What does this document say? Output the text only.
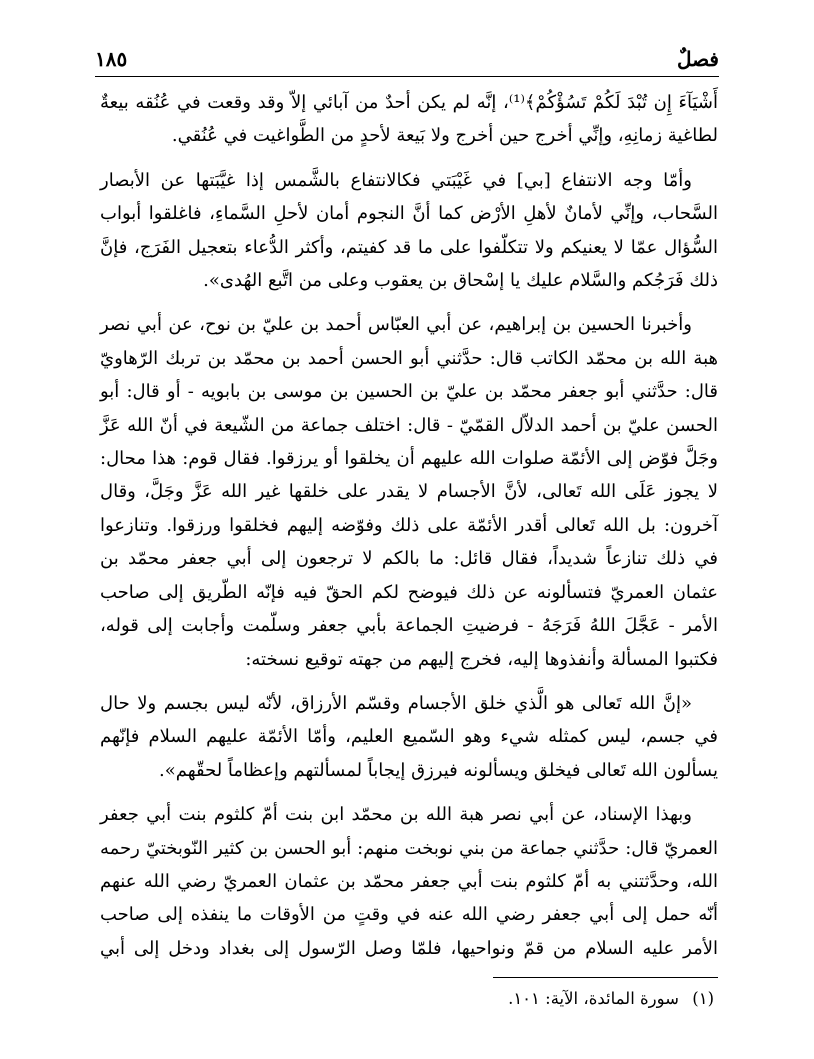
فصلٌ
١٨٥

أَشْيَآءَ إِن تُبْدَ لَكُمْ تَسُؤْكُمْ﴾⁽¹⁾، إنَّه لم يكن أحدٌ من آبائي إلاّ وقد وقعت في عُنُقه بيعةٌ لطاغية زمانِهِ، وإنِّي أخرج حين أخرج ولا بَيعة لأحدٍ من الطَّواغيت في عُنُقي.

وأمّا وجه الانتفاع [بي] في غَيْبَتي فكالانتفاع بالشَّمس إذا غيَّبَتها عن الأبصار السَّحاب، وإنِّي لأمانٌ لأهلِ الأرْض كما أنَّ النجوم أمان لأحلِ السَّماءِ، فاغلقوا أبواب السُّؤال عمّا لا يعنيكم ولا تتكلّفوا على ما قد كفيتم، وأكثر الدُّعاء بتعجيل الفَرَج، فإنَّ ذلك فَرَجُكم والسَّلام عليك يا إسْحاق بن يعقوب وعلى من اتَّبع الهُدى».

وأخبرنا الحسين بن إبراهيم، عن أبي العبّاس أحمد بن عليّ بن نوح، عن أبي نصر هبة الله بن محمّد الكاتب قال: حدَّثني أبو الحسن أحمد بن محمّد بن تربك الرّهاويّ قال: حدَّثني أبو جعفر محمّد بن عليّ بن الحسين بن موسى بن بابويه - أو قال: أبو الحسن عليّ بن أحمد الدلاّل القمّيّ - قال: اختلف جماعة من الشّيعة في أنّ الله عَزَّ وجَلَّ فوّض إلى الأئمّة صلوات الله عليهم أن يخلقوا أو يرزقوا. فقال قوم: هذا محال: لا يجوز عَلَى الله تَعالى، لأنَّ الأجسام لا يقدر على خلقها غير الله عَزَّ وجَلَّ، وقال آخرون: بل الله تَعالى أقدر الأئمّة على ذلك وفوّضه إليهم فخلقوا ورزقوا. وتنازعوا في ذلك تنازعاً شديداً، فقال قائل: ما بالكم لا ترجعون إلى أبي جعفر محمّد بن عثمان العمريّ فتسألونه عن ذلك فيوضح لكم الحقّ فيه فإنّه الطّريق إلى صاحب الأمر - عَجَّلَ اللهُ فَرَجَهُ - فرضيتِ الجماعة بأبي جعفر وسلّمت وأجابت إلى قوله، فكتبوا المسألة وأنفذوها إليه، فخرج إليهم من جهته توقيع نسخته:

«إنَّ الله تَعالى هو الَّذي خلق الأجسام وقسّم الأرزاق، لأنّه ليس بجسم ولا حال في جسم، ليس كمثله شيء وهو السّميع العليم، وأمّا الأئمّة عليهم السلام فإنّهم يسألون الله تَعالى فيخلق ويسألونه فيرزق إيجاباً لمسألتهم وإعظاماً لحقّهم».

وبهذا الإسناد، عن أبي نصر هبة الله بن محمّد ابن بنت أمّ كلثوم بنت أبي جعفر العمريّ قال: حدَّثني جماعة من بني نوبخت منهم: أبو الحسن بن كثير النّوبختيّ رحمه الله، وحدَّثتني به أمّ كلثوم بنت أبي جعفر محمّد بن عثمان العمريّ رضي الله عنهم أنّه حمل إلى أبي جعفر رضي الله عنه في وقتٍ من الأوقات ما ينفذه إلى صاحب الأمر عليه السلام من قمّ ونواحيها، فلمّا وصل الرّسول إلى بغداد ودخل إلى أبي

(١) سورة المائدة، الآية: ١٠١.
